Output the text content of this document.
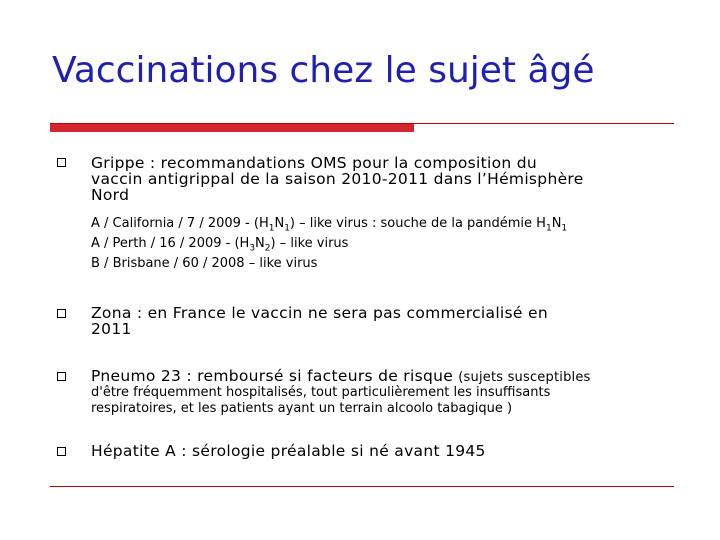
Vaccinations chez le sujet âgé
Grippe : recommandations OMS pour la composition du
vaccin antigrippal de la saison 2010-2011 dans l’Hémisphère
Nord
A / California / $7 / 2009 - (H_1N_1)$ – like virus : souche de la pandémie $H_1N_1$
A / Perth / $16 / 2009 - (H_3N_2)$ – like virus
B / Brisbane / 60 / 2008 – like virus
Zona : en France le vaccin ne sera pas commercialisé en
2011
Pneumo 23 : remboursé si facteurs de risque (sujets susceptibles
d'être fréquemment hospitalisés, tout particulièrement les insuffisants
respiratoires, et les patients ayant un terrain alcoolo tabagique )
Hépatite A : sérologie préalable si né avant 1945
